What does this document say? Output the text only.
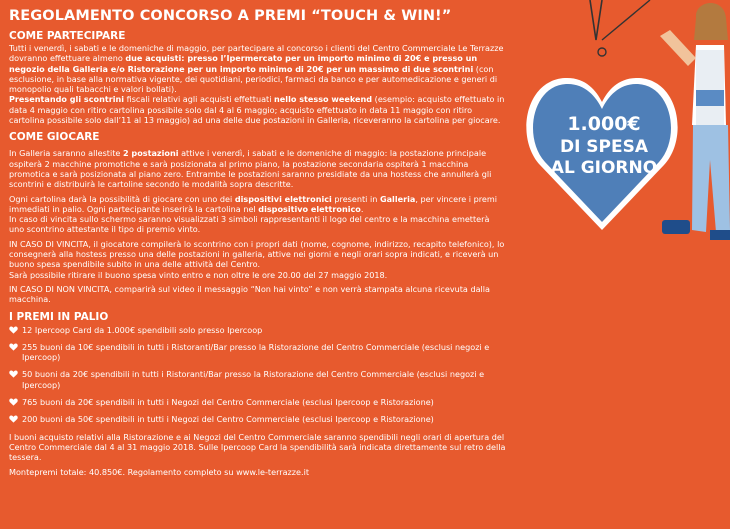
REGOLAMENTO CONCORSO A PREMI “TOUCH & WIN!”
COME PARTECIPARE

Tutti i venerdì, i sabati e le domeniche di maggio, per partecipare al concorso i clienti del Centro Commerciale Le Terrazze dovranno effettuare almeno due acquisti: presso l’Ipermercato per un importo minimo di 20€ e presso un negozio della Galleria e/o Ristorazione per un importo minimo di 20€ per un massimo di due scontrini (con esclusione, in base alla normativa vigente, dei quotidiani, periodici, farmaci da banco e per automedicazione e generi di monopolio quali tabacchi e valori bollati).

Presentando gli scontrini fiscali relativi agli acquisti effettuati nello stesso weekend (esempio: acquisto effettuato in data 4 maggio con ritiro cartolina possibile solo dal 4 al 6 maggio; acquisto effettuato in data 11 maggio con ritiro cartolina possibile solo dall’11 al 13 maggio) ad una delle due postazioni in Galleria, riceveranno la cartolina per giocare.

COME GIOCARE

In Galleria saranno allestite 2 postazioni attive i venerdì, i sabati e le domeniche di maggio: la postazione principale ospiterà 2 macchine promotiche e sarà posizionata al primo piano, la postazione secondaria ospiterà 1 macchina promotica e sarà posizionata al piano zero. Entrambe le postazioni saranno presidiate da una hostess che annullerà gli scontrini e distribuirà le cartoline secondo le modalità sopra descritte.

Ogni cartolina darà la possibilità di giocare con uno dei dispositivi elettronici presenti in Galleria, per vincere i premi immediati in palio. Ogni partecipante inserirà la cartolina nel dispositivo elettronico.

In caso di vincita sullo schermo saranno visualizzati 3 simboli rappresentanti il logo del centro e la macchina emetterà uno scontrino attestante il tipo di premio vinto.

IN CASO DI VINCITA, il giocatore compilerà lo scontrino con i propri dati (nome, cognome, indirizzo, recapito telefonico), lo consegnerà alla hostess presso una delle postazioni in galleria, attive nei giorni e negli orari sopra indicati, e riceverà un buono spesa spendibile subito in una delle attività del Centro.

Sarà possibile ritirare il buono spesa vinto entro e non oltre le ore 20.00 del 27 maggio 2018.

IN CASO DI NON VINCITA, comparirà sul video il messaggio “Non hai vinto” e non verrà stampata alcuna ricevuta dalla macchina.

I PREMI IN PALIO
12 Ipercoop Card da 1.000€ spendibili solo presso Ipercoop
255 buoni da 10€ spendibili in tutti i Ristoranti/Bar presso la Ristorazione del Centro Commerciale (esclusi negozi e Ipercoop)
50 buoni da 20€ spendibili in tutti i Ristoranti/Bar presso la Ristorazione del Centro Commerciale (esclusi negozi e Ipercoop)
765 buoni da 20€ spendibili in tutti i Negozi del Centro Commerciale (esclusi Ipercoop e Ristorazione)
200 buoni da 50€ spendibili in tutti i Negozi del Centro Commerciale (esclusi Ipercoop e Ristorazione)

I buoni acquisto relativi alla Ristorazione e ai Negozi del Centro Commerciale saranno spendibili negli orari di apertura del Centro Commerciale dal 4 al 31 maggio 2018. Sulle Ipercoop Card la spendibilità sarà indicata direttamente sul retro della tessera.

Montepremi totale: 40.850€. Regolamento completo su www.le-terrazze.it

1.000€
DI SPESA
AL GIORNO
